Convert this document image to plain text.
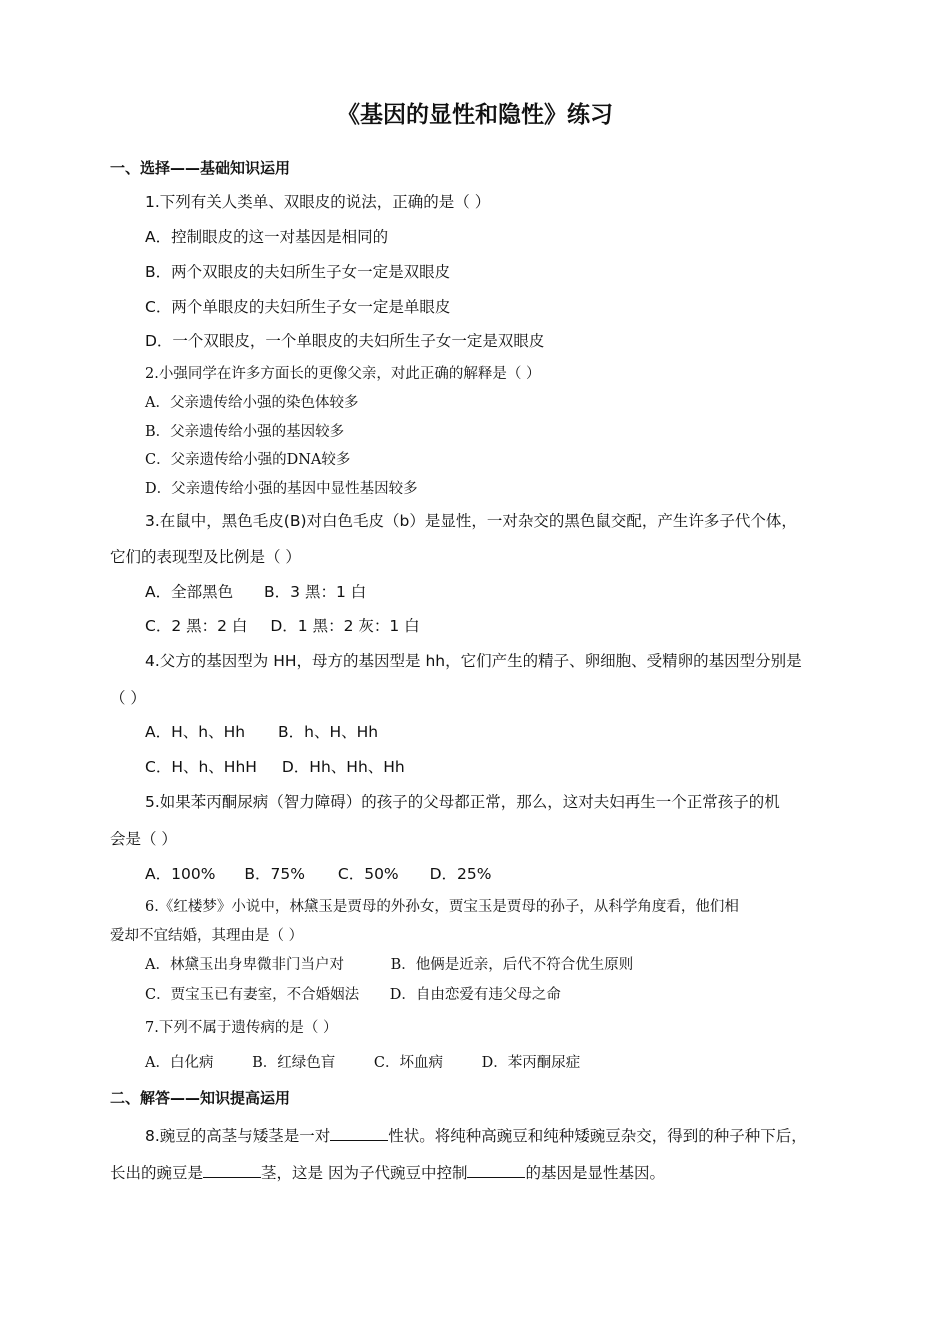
《基因的显性和隐性》练习
一、选择——基础知识运用
1.下列有关人类单、双眼皮的说法，正确的是（ ）
A．控制眼皮的这一对基因是相同的
B．两个双眼皮的夫妇所生子女一定是双眼皮
C．两个单眼皮的夫妇所生子女一定是单眼皮
D．一个双眼皮，一个单眼皮的夫妇所生子女一定是双眼皮
2.小强同学在许多方面长的更像父亲，对此正确的解释是（ ）
A．父亲遗传给小强的染色体较多
B．父亲遗传给小强的基因较多
C．父亲遗传给小强的DNA较多
D．父亲遗传给小强的基因中显性基因较多
3.在鼠中，黑色毛皮(B)对白色毛皮（b）是显性，一对杂交的黑色鼠交配，产生许多子代个体，
它们的表现型及比例是（ ）
A．全部黑色 B．3 黑：1 白
C．2 黑：2 白 D．1 黑：2 灰：1 白
4.父方的基因型为 HH，母方的基因型是 hh，它们产生的精子、卵细胞、受精卵的基因型分别是
（ ）
A．H、h、Hh B．h、H、Hh
C．H、h、HhH D．Hh、Hh、Hh
5.如果苯丙酮尿病（智力障碍）的孩子的父母都正常，那么，这对夫妇再生一个正常孩子的机
会是（ ）
A．100% B．75% C．50% D．25%
6.《红楼梦》小说中，林黛玉是贾母的外孙女，贾宝玉是贾母的孙子，从科学角度看，他们相
爱却不宜结婚，其理由是（ ）
A．林黛玉出身卑微非门当户对	B．他俩是近亲，后代不符合优生原则
C．贾宝玉已有妻室，不合婚姻法 D．自由恋爱有违父母之命
7.下列不属于遗传病的是（ ）
A．白化病	B．红绿色盲	C．坏血病	D．苯丙酮尿症
二、解答——知识提高运用
8.豌豆的高茎与矮茎是一对	性状。将纯种高豌豆和纯种矮豌豆杂交，得到的种子种下后，
长出的豌豆是	茎，这是 因为子代豌豆中控制	的基因是显性基因。
